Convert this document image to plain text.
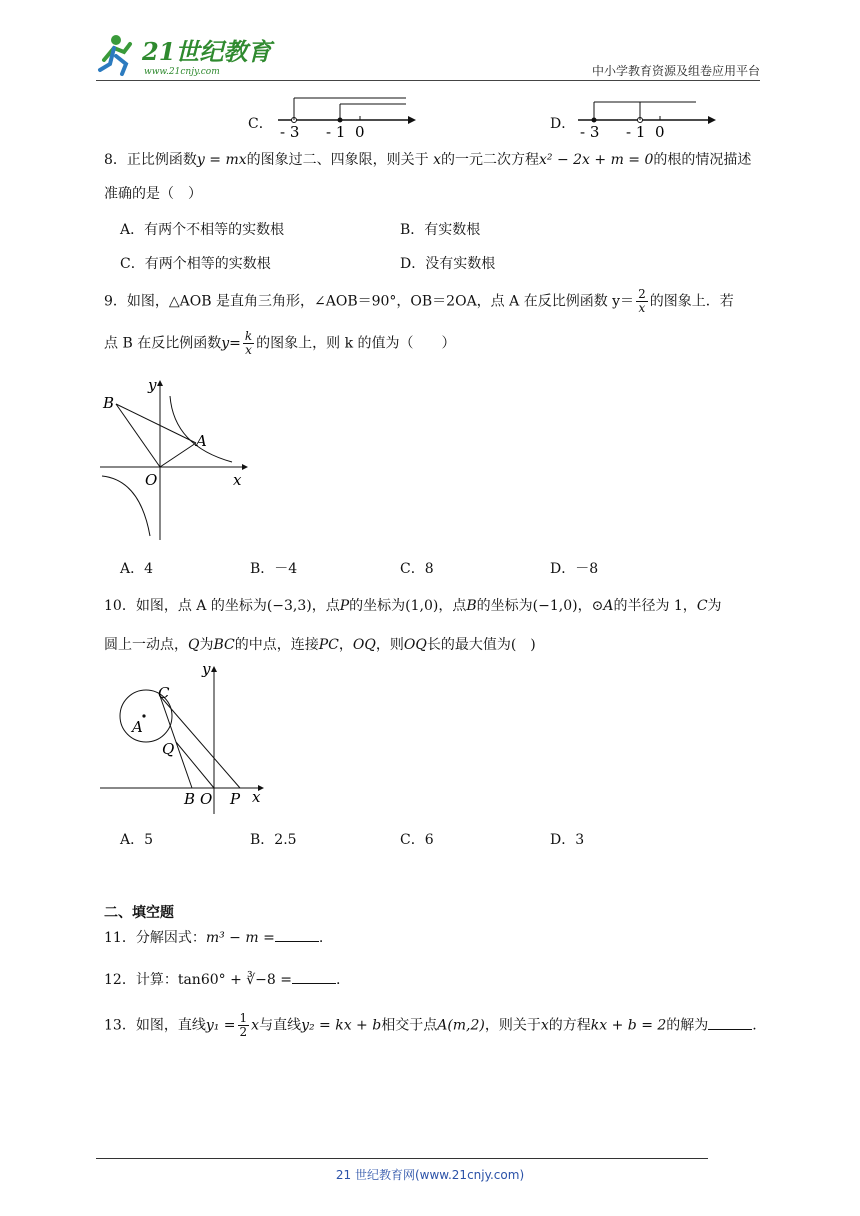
21世纪教育
www.21cnjy.com	中小学教育资源及组卷应用平台
C． - 3 - 1 0	D． - 3 - 1 0
8．正比例函数y = mx的图象过二、四象限，则关于 x的一元二次方程x² − 2x + m = 0的根的情况描述
准确的是（　）
A．有两个不相等的实数根	B．有实数根
C．有两个相等的实数根	D．没有实数根
9．如图，△AOB 是直角三角形，∠AOB＝90°，OB＝2OA，点 A 在反比例函数 $y= \frac{2}{x}$ 的图象上．若
点 B 在反比例函数$y= \frac{k}{x}$ 的图象上，则 k 的值为（　　）
B
A
O	x
y
A．4	B．－4	C．8	D．－8
10．如图，点 A 的坐标为(−3,3)，点P的坐标为(1,0)，点B的坐标为(−1,0)，⊙A的半径为 1，C为
圆上一动点，Q为BC的中点，连接PC，OQ，则OQ长的最大值为(　)
C
A
Q
B O P x
y
A．5	B．2.5	C．6	D．3
二、填空题
11．分解因式：m³ − m =	.
12．计算：tan60° + ∛−8 =	.
13．如图，直线$y_1 = \frac{1}{2}$ x与直线y₂ = kx + b相交于点A(m,2)，则关于x的方程kx + b = 2的解为	.
21 世纪教育网(www.21cnjy.com)
